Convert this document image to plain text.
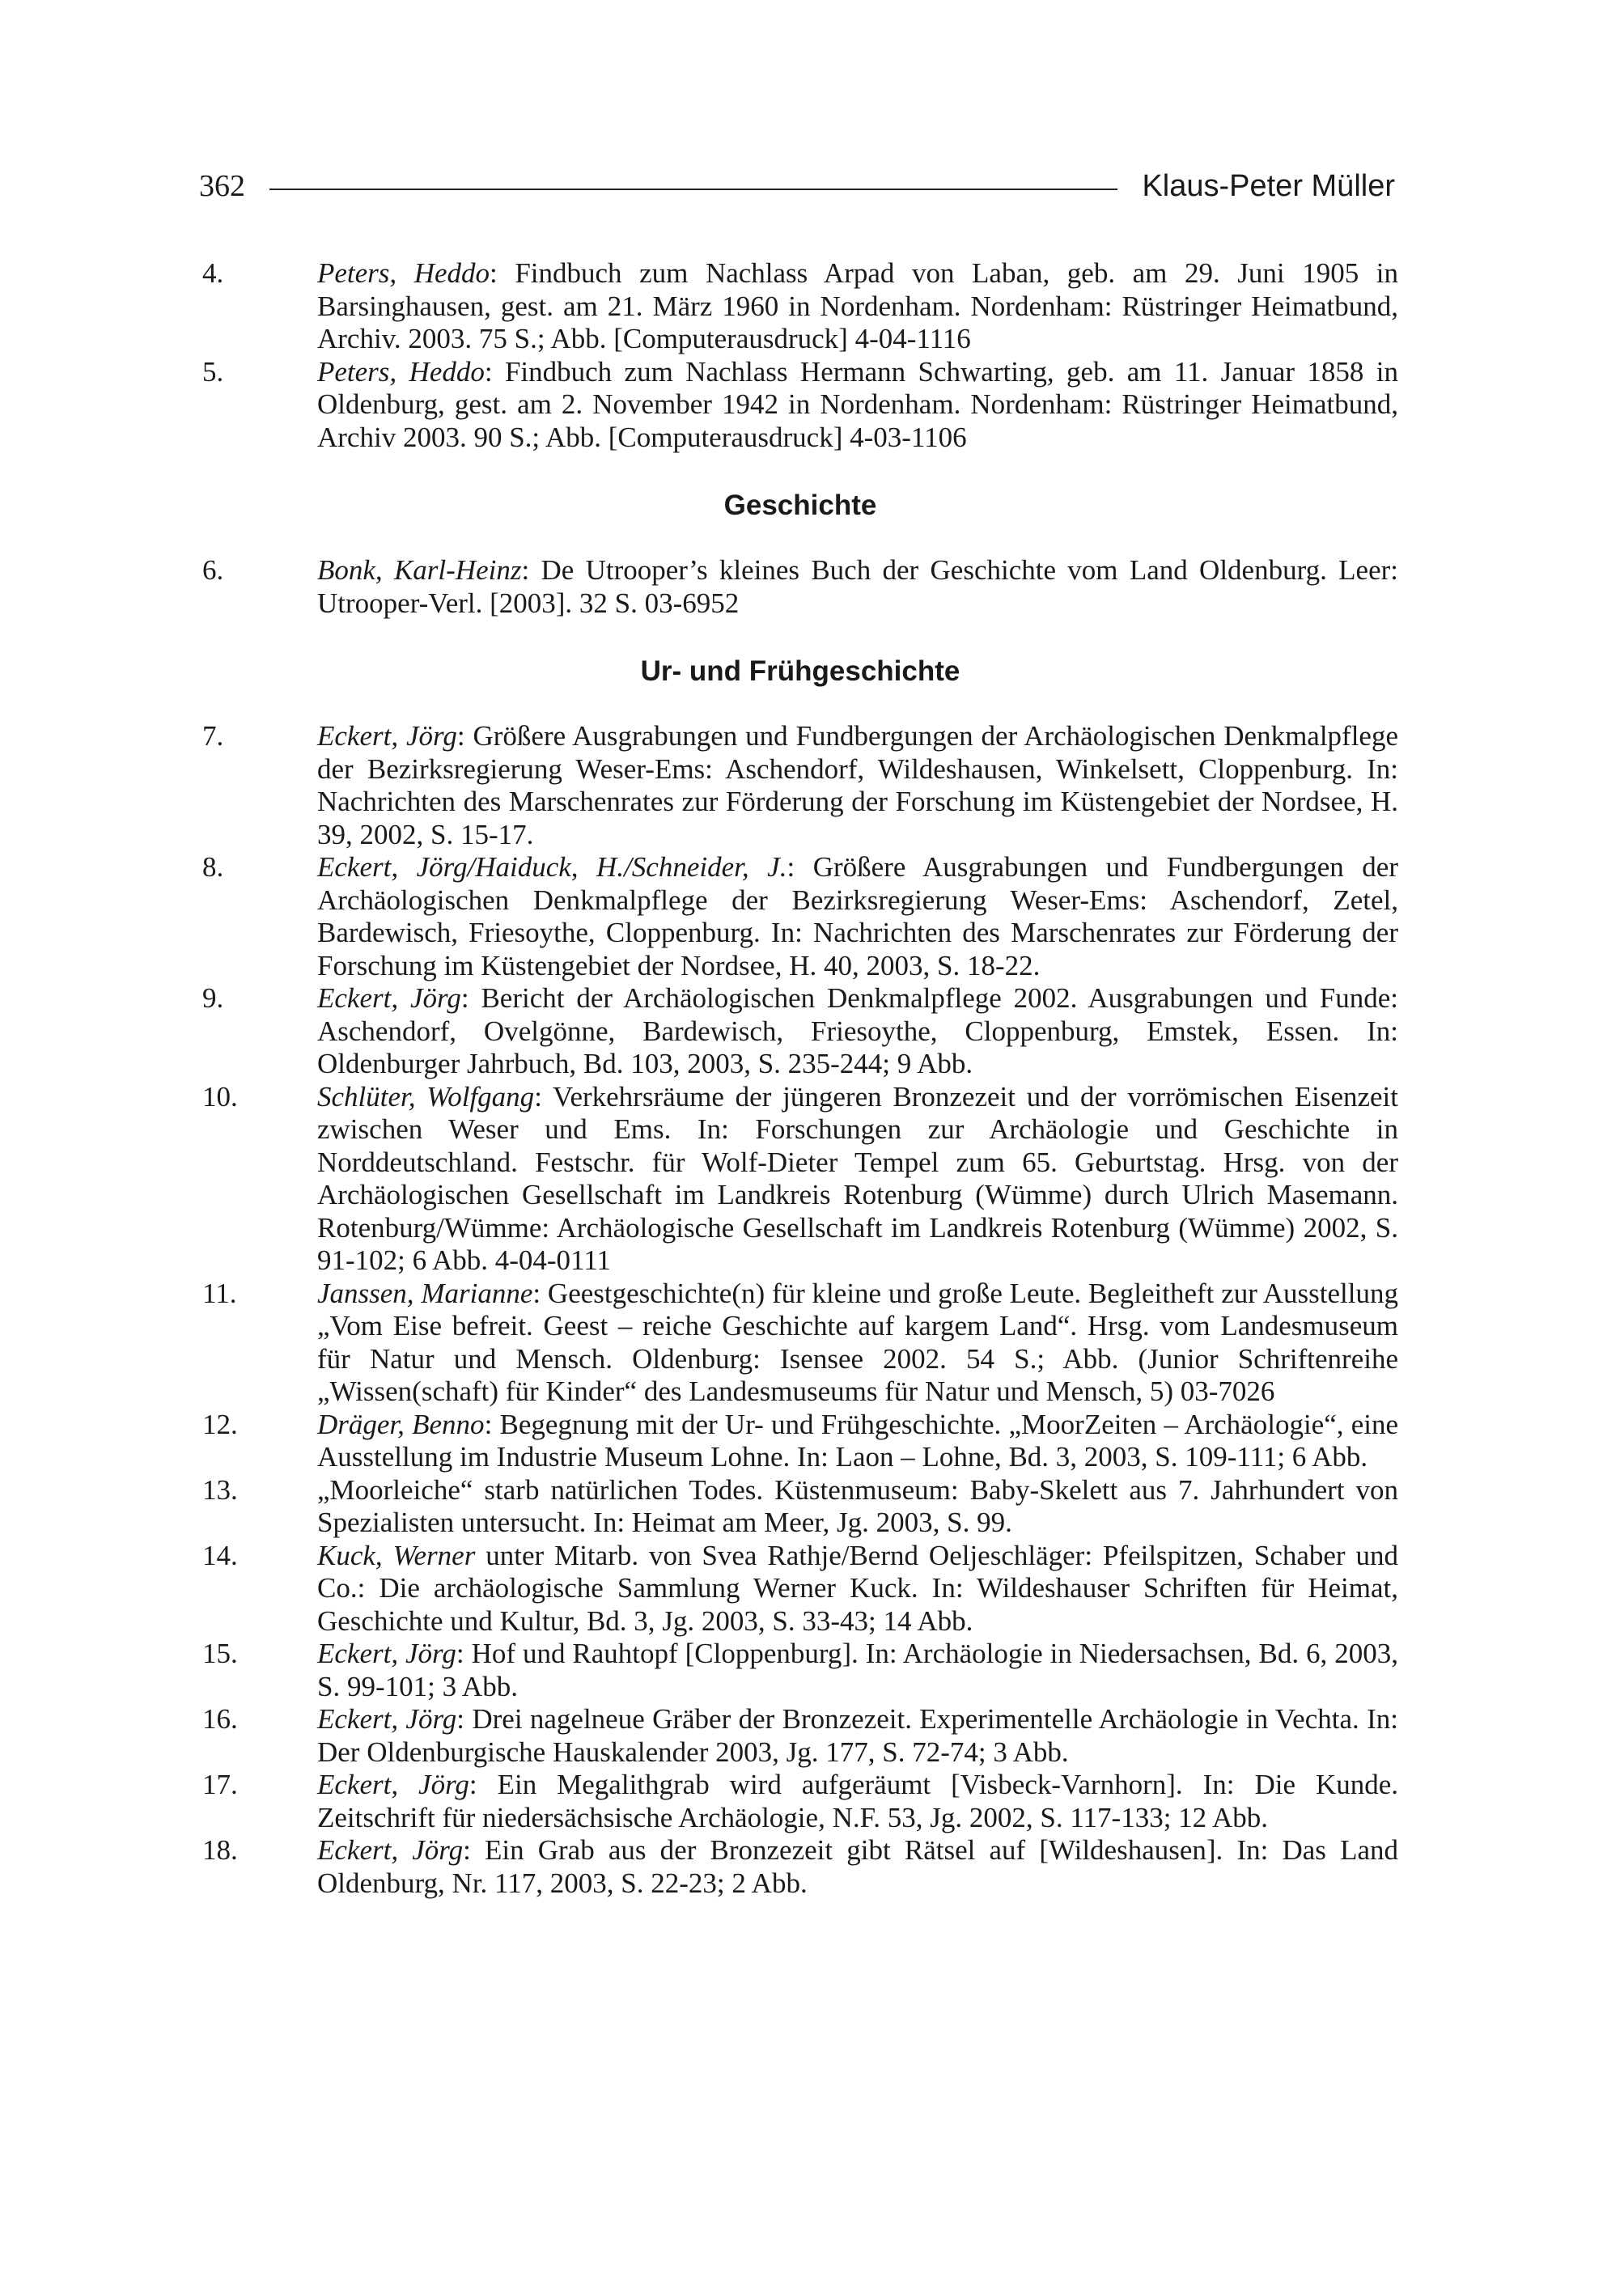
362	Klaus-Peter Müller
4.	Peters, Heddo: Findbuch zum Nachlass Arpad von Laban, geb. am 29. Juni 1905 in Barsinghausen, gest. am 21. März 1960 in Nordenham. Nordenham: Rüstringer Heimatbund, Archiv. 2003. 75 S.; Abb. [Computerausdruck] 4-04-1116
5.	Peters, Heddo: Findbuch zum Nachlass Hermann Schwarting, geb. am 11. Januar 1858 in Oldenburg, gest. am 2. November 1942 in Nordenham. Nordenham: Rüstringer Heimatbund, Archiv 2003. 90 S.; Abb. [Computerausdruck] 4-03-1106
Geschichte
6.	Bonk, Karl-Heinz: De Utrooper’s kleines Buch der Geschichte vom Land Oldenburg. Leer: Utrooper-Verl. [2003]. 32 S. 03-6952
Ur- und Frühgeschichte
7.	Eckert, Jörg: Größere Ausgrabungen und Fundbergungen der Archäologischen Denkmalpflege der Bezirksregierung Weser-Ems: Aschendorf, Wildeshausen, Winkelsett, Cloppenburg. In: Nachrichten des Marschenrates zur Förderung der Forschung im Küstengebiet der Nordsee, H. 39, 2002, S. 15-17.
8.	Eckert, Jörg/Haiduck, H./Schneider, J.: Größere Ausgrabungen und Fundbergungen der Archäologischen Denkmalpflege der Bezirksregierung Weser-Ems: Aschendorf, Zetel, Bardewisch, Friesoythe, Cloppenburg. In: Nachrichten des Marschenrates zur Förderung der Forschung im Küstengebiet der Nordsee, H. 40, 2003, S. 18-22.
9.	Eckert, Jörg: Bericht der Archäologischen Denkmalpflege 2002. Ausgrabungen und Funde: Aschendorf, Ovelgönne, Bardewisch, Friesoythe, Cloppenburg, Emstek, Essen. In: Oldenburger Jahrbuch, Bd. 103, 2003, S. 235-244; 9 Abb.
10.	Schlüter, Wolfgang: Verkehrsräume der jüngeren Bronzezeit und der vorrömischen Eisenzeit zwischen Weser und Ems. In: Forschungen zur Archäologie und Geschichte in Norddeutschland. Festschr. für Wolf-Dieter Tempel zum 65. Geburtstag. Hrsg. von der Archäologischen Gesellschaft im Landkreis Rotenburg (Wümme) durch Ulrich Masemann. Rotenburg/Wümme: Archäologische Gesellschaft im Landkreis Rotenburg (Wümme) 2002, S. 91-102; 6 Abb. 4-04-0111
11.	Janssen, Marianne: Geestgeschichte(n) für kleine und große Leute. Begleitheft zur Ausstellung „Vom Eise befreit. Geest – reiche Geschichte auf kargem Land“. Hrsg. vom Landesmuseum für Natur und Mensch. Oldenburg: Isensee 2002. 54 S.; Abb. (Junior Schriftenreihe „Wissen(schaft) für Kinder“ des Landesmuseums für Natur und Mensch, 5) 03-7026
12.	Dräger, Benno: Begegnung mit der Ur- und Frühgeschichte. „MoorZeiten – Archäologie“, eine Ausstellung im Industrie Museum Lohne. In: Laon – Lohne, Bd. 3, 2003, S. 109-111; 6 Abb.
13.	„Moorleiche“ starb natürlichen Todes. Küstenmuseum: Baby-Skelett aus 7. Jahrhundert von Spezialisten untersucht. In: Heimat am Meer, Jg. 2003, S. 99.
14.	Kuck, Werner unter Mitarb. von Svea Rathje/Bernd Oeljeschläger: Pfeilspitzen, Schaber und Co.: Die archäologische Sammlung Werner Kuck. In: Wildeshauser Schriften für Heimat, Geschichte und Kultur, Bd. 3, Jg. 2003, S. 33-43; 14 Abb.
15.	Eckert, Jörg: Hof und Rauhtopf [Cloppenburg]. In: Archäologie in Niedersachsen, Bd. 6, 2003, S. 99-101; 3 Abb.
16.	Eckert, Jörg: Drei nagelneue Gräber der Bronzezeit. Experimentelle Archäologie in Vechta. In: Der Oldenburgische Hauskalender 2003, Jg. 177, S. 72-74; 3 Abb.
17.	Eckert, Jörg: Ein Megalithgrab wird aufgeräumt [Visbeck-Varnhorn]. In: Die Kunde. Zeitschrift für niedersächsische Archäologie, N.F. 53, Jg. 2002, S. 117-133; 12 Abb.
18.	Eckert, Jörg: Ein Grab aus der Bronzezeit gibt Rätsel auf [Wildeshausen]. In: Das Land Oldenburg, Nr. 117, 2003, S. 22-23; 2 Abb.
